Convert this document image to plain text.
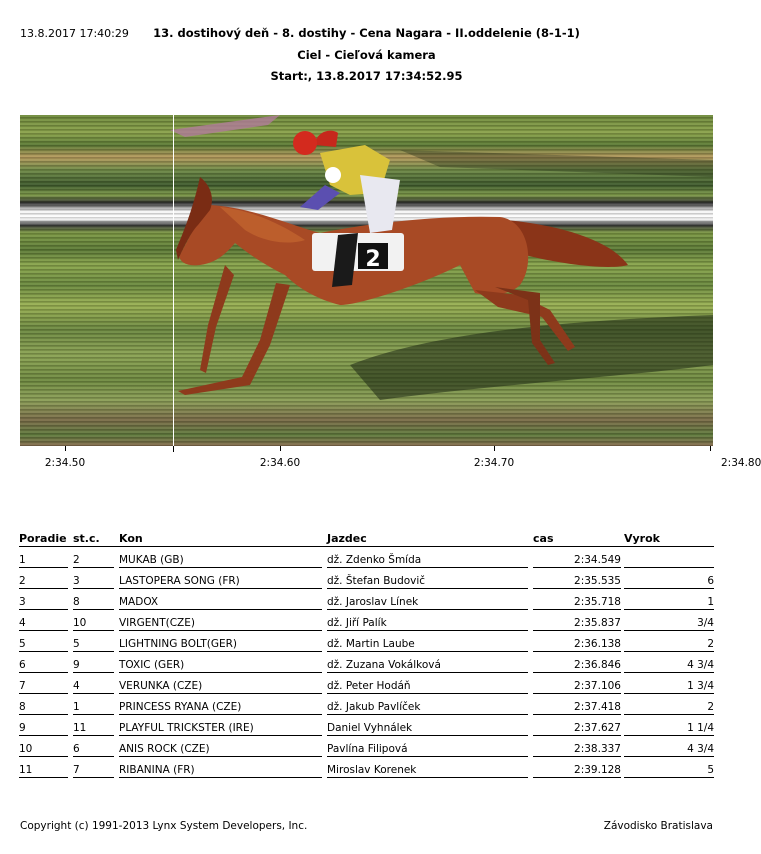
13.8.2017 17:40:29	13. dostihový deň - 8. dostihy - Cena Nagara - II.oddelenie (8-1-1)
Ciel - Cieľová kamera
Start:, 13.8.2017 17:34:52.95
2
2:34.50	2:34.60	2:34.70	2:34.80
Poradie	st.c.	Kon	Jazdec	cas	Vyrok

1	2	MUKAB (GB)	dž. Zdenko Šmída	2:34.549

2	3	LASTOPERA SONG (FR)	dž. Štefan Budovič	2:35.535	6

3	8	MADOX	dž. Jaroslav Línek	2:35.718	1

4	10	VIRGENT(CZE)	dž. Jiří Palík	2:35.837	3/4

5	5	LIGHTNING BOLT(GER)	dž. Martin Laube	2:36.138	2

6	9	TOXIC (GER)	dž. Zuzana Vokálková	2:36.846	4 3/4

7	4	VERUNKA (CZE)	dž. Peter Hodáň	2:37.106	1 3/4

8	1	PRINCESS RYANA (CZE)	dž. Jakub Pavlíček	2:37.418	2

9	11	PLAYFUL TRICKSTER (IRE)	Daniel Vyhnálek	2:37.627	1 1/4

10	6	ANIS ROCK (CZE)	Pavlína Filipová	2:38.337	4 3/4

11	7	RIBANINA (FR)	Miroslav Korenek	2:39.128	5
Copyright (c) 1991-2013 Lynx System Developers, Inc.	Závodisko Bratislava
